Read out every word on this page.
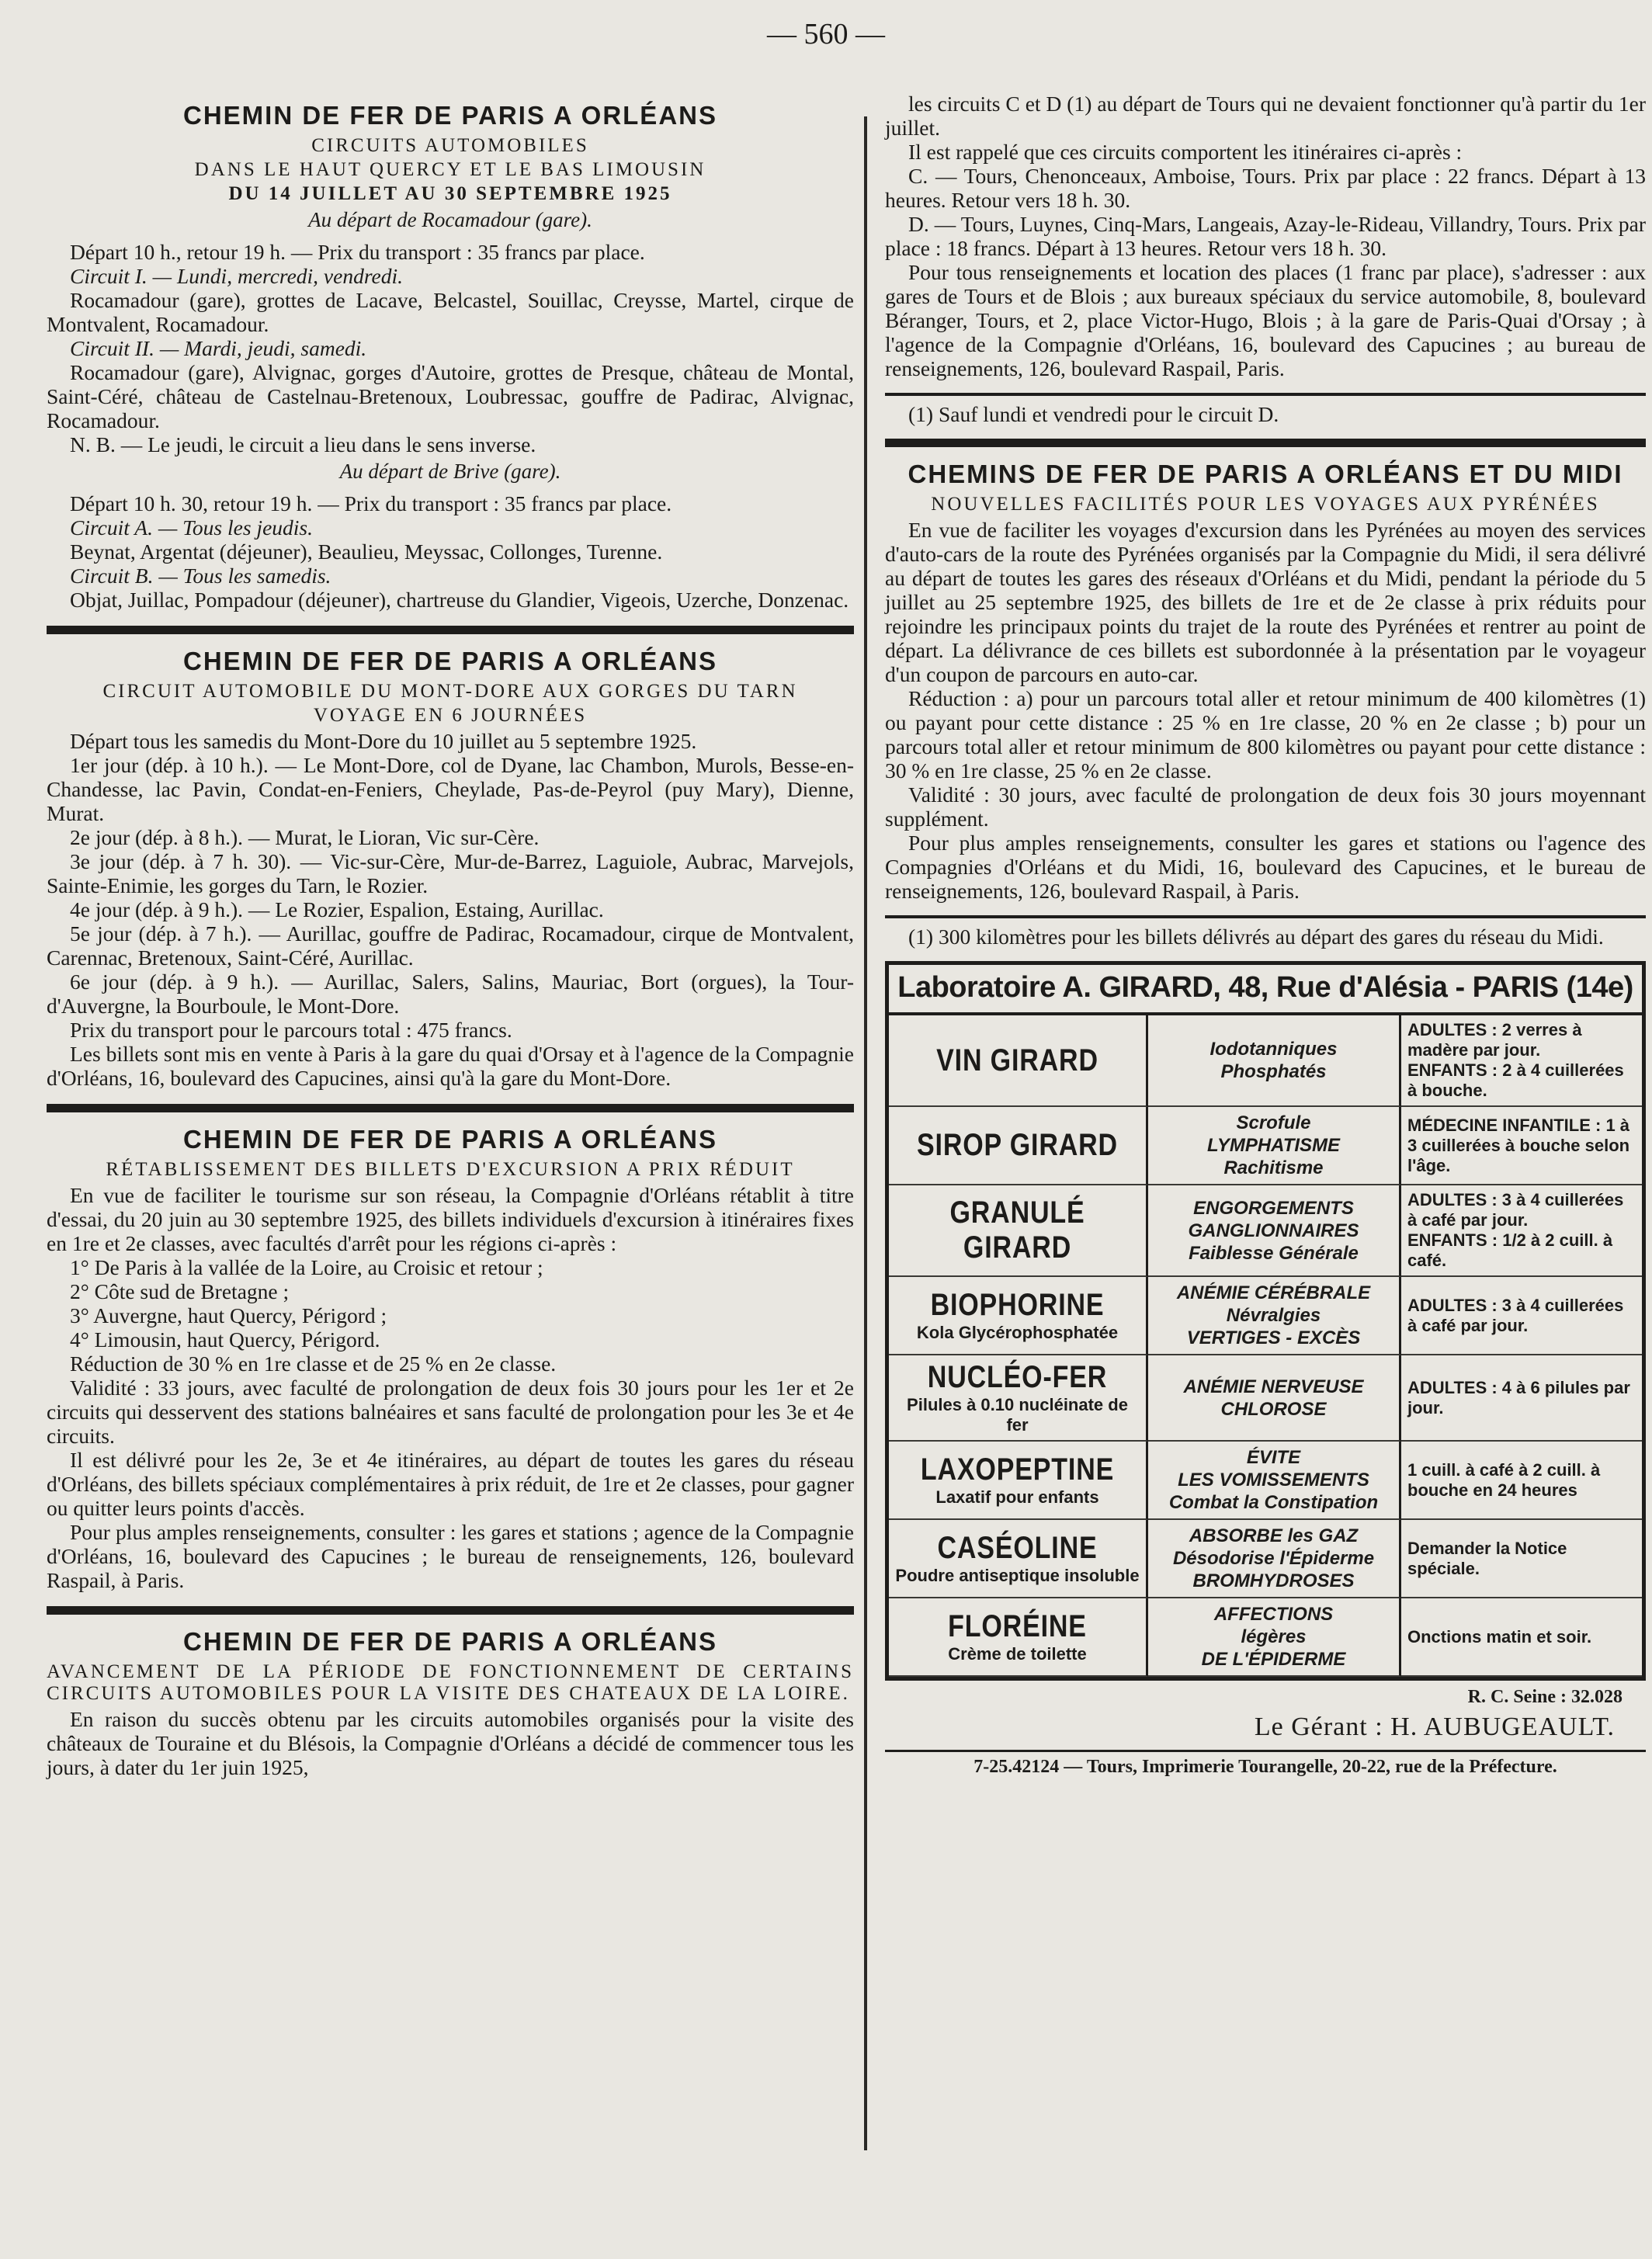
— 560 —
CHEMIN DE FER DE PARIS A ORLÉANS
CIRCUITS AUTOMOBILES
DANS LE HAUT QUERCY ET LE BAS LIMOUSIN
DU 14 JUILLET AU 30 SEPTEMBRE 1925
Au départ de Rocamadour (gare).

Départ 10 h., retour 19 h. — Prix du transport : 35 francs par place.

Circuit I. — Lundi, mercredi, vendredi.

Rocamadour (gare), grottes de Lacave, Belcastel, Souillac, Creysse, Martel, cirque de Montvalent, Rocamadour.

Circuit II. — Mardi, jeudi, samedi.

Rocamadour (gare), Alvignac, gorges d'Autoire, grottes de Presque, château de Montal, Saint-Céré, château de Castelnau-Bretenoux, Loubressac, gouffre de Padirac, Alvignac, Rocamadour.

N. B. — Le jeudi, le circuit a lieu dans le sens inverse.

Au départ de Brive (gare).

Départ 10 h. 30, retour 19 h. — Prix du transport : 35 francs par place.

Circuit A. — Tous les jeudis.

Beynat, Argentat (déjeuner), Beaulieu, Meyssac, Collonges, Turenne.

Circuit B. — Tous les samedis.

Objat, Juillac, Pompadour (déjeuner), chartreuse du Glandier, Vigeois, Uzerche, Donzenac.

CHEMIN DE FER DE PARIS A ORLÉANS
CIRCUIT AUTOMOBILE DU MONT-DORE AUX GORGES DU TARN
VOYAGE EN 6 JOURNÉES

Départ tous les samedis du Mont-Dore du 10 juillet au 5 septembre 1925.

1er jour (dép. à 10 h.). — Le Mont-Dore, col de Dyane, lac Chambon, Murols, Besse-en-Chandesse, lac Pavin, Condat-en-Feniers, Cheylade, Pas-de-Peyrol (puy Mary), Dienne, Murat.

2e jour (dép. à 8 h.). — Murat, le Lioran, Vic sur-Cère.

3e jour (dép. à 7 h. 30). — Vic-sur-Cère, Mur-de-Barrez, Laguiole, Aubrac, Marvejols, Sainte-Enimie, les gorges du Tarn, le Rozier.

4e jour (dép. à 9 h.). — Le Rozier, Espalion, Estaing, Aurillac.

5e jour (dép. à 7 h.). — Aurillac, gouffre de Padirac, Rocamadour, cirque de Montvalent, Carennac, Bretenoux, Saint-Céré, Aurillac.

6e jour (dép. à 9 h.). — Aurillac, Salers, Salins, Mauriac, Bort (orgues), la Tour-d'Auvergne, la Bourboule, le Mont-Dore.

Prix du transport pour le parcours total : 475 francs.

Les billets sont mis en vente à Paris à la gare du quai d'Orsay et à l'agence de la Compagnie d'Orléans, 16, boulevard des Capucines, ainsi qu'à la gare du Mont-Dore.

CHEMIN DE FER DE PARIS A ORLÉANS
RÉTABLISSEMENT DES BILLETS D'EXCURSION A PRIX RÉDUIT

En vue de faciliter le tourisme sur son réseau, la Compagnie d'Orléans rétablit à titre d'essai, du 20 juin au 30 septembre 1925, des billets individuels d'excursion à itinéraires fixes en 1re et 2e classes, avec facultés d'arrêt pour les régions ci-après :

1° De Paris à la vallée de la Loire, au Croisic et retour ;

2° Côte sud de Bretagne ;

3° Auvergne, haut Quercy, Périgord ;

4° Limousin, haut Quercy, Périgord.

Réduction de 30 % en 1re classe et de 25 % en 2e classe.

Validité : 33 jours, avec faculté de prolongation de deux fois 30 jours pour les 1er et 2e circuits qui desservent des stations balnéaires et sans faculté de prolongation pour les 3e et 4e circuits.

Il est délivré pour les 2e, 3e et 4e itinéraires, au départ de toutes les gares du réseau d'Orléans, des billets spéciaux complémentaires à prix réduit, de 1re et 2e classes, pour gagner ou quitter leurs points d'accès.

Pour plus amples renseignements, consulter : les gares et stations ; agence de la Compagnie d'Orléans, 16, boulevard des Capucines ; le bureau de renseignements, 126, boulevard Raspail, à Paris.

CHEMIN DE FER DE PARIS A ORLÉANS
AVANCEMENT DE LA PÉRIODE DE FONCTIONNEMENT DE CERTAINS CIRCUITS AUTOMOBILES POUR LA VISITE DES CHATEAUX DE LA LOIRE.

En raison du succès obtenu par les circuits automobiles organisés pour la visite des châteaux de Touraine et du Blésois, la Compagnie d'Orléans a décidé de commencer tous les jours, à dater du 1er juin 1925,

les circuits C et D (1) au départ de Tours qui ne devaient fonctionner qu'à partir du 1er juillet.

Il est rappelé que ces circuits comportent les itinéraires ci-après :

C. — Tours, Chenonceaux, Amboise, Tours. Prix par place : 22 francs. Départ à 13 heures. Retour vers 18 h. 30.

D. — Tours, Luynes, Cinq-Mars, Langeais, Azay-le-Rideau, Villandry, Tours. Prix par place : 18 francs. Départ à 13 heures. Retour vers 18 h. 30.

Pour tous renseignements et location des places (1 franc par place), s'adresser : aux gares de Tours et de Blois ; aux bureaux spéciaux du service automobile, 8, boulevard Béranger, Tours, et 2, place Victor-Hugo, Blois ; à la gare de Paris-Quai d'Orsay ; à l'agence de la Compagnie d'Orléans, 16, boulevard des Capucines ; au bureau de renseignements, 126, boulevard Raspail, Paris.

(1) Sauf lundi et vendredi pour le circuit D.

CHEMINS DE FER DE PARIS A ORLÉANS ET DU MIDI
NOUVELLES FACILITÉS POUR LES VOYAGES AUX PYRÉNÉES

En vue de faciliter les voyages d'excursion dans les Pyrénées au moyen des services d'auto-cars de la route des Pyrénées organisés par la Compagnie du Midi, il sera délivré au départ de toutes les gares des réseaux d'Orléans et du Midi, pendant la période du 5 juillet au 25 septembre 1925, des billets de 1re et de 2e classe à prix réduits pour rejoindre les principaux points du trajet de la route des Pyrénées et rentrer au point de départ. La délivrance de ces billets est subordonnée à la présentation par le voyageur d'un coupon de parcours en auto-car.

Réduction : a) pour un parcours total aller et retour minimum de 400 kilomètres (1) ou payant pour cette distance : 25 % en 1re classe, 20 % en 2e classe ; b) pour un parcours total aller et retour minimum de 800 kilomètres ou payant pour cette distance : 30 % en 1re classe, 25 % en 2e classe.

Validité : 30 jours, avec faculté de prolongation de deux fois 30 jours moyennant supplément.

Pour plus amples renseignements, consulter les gares et stations ou l'agence des Compagnies d'Orléans et du Midi, 16, boulevard des Capucines, et le bureau de renseignements, 126, boulevard Raspail, à Paris.

(1) 300 kilomètres pour les billets délivrés au départ des gares du réseau du Midi.

Laboratoire A. GIRARD, 48, Rue d'Alésia - PARIS (14e)
VIN GIRARD	Iodotanniques
Phosphatés
ADULTES : 2 verres à madère par jour.
ENFANTS : 2 à 4 cuillerées à bouche.
SIROP GIRARD
Scrofule
LYMPHATISME
Rachitisme
MÉDECINE INFANTILE : 1 à 3 cuillerées à bouche selon l'âge.
GRANULÉ GIRARD
ENGORGEMENTS
GANGLIONNAIRES
Faiblesse Générale
ADULTES : 3 à 4 cuillerées à café par jour.
ENFANTS : 1/2 à 2 cuill. à café.
BIOPHORINE
Kola Glycérophosphatée
ANÉMIE CÉRÉBRALE
Névralgies
VERTIGES - EXCÈS
ADULTES : 3 à 4 cuillerées à café par jour.
NUCLÉO-FER
Pilules à 0.10 nucléinate de fer
ANÉMIE NERVEUSE
CHLOROSE
ADULTES : 4 à 6 pilules par jour.
LAXOPEPTINE
Laxatif pour enfants
ÉVITE
LES VOMISSEMENTS
Combat la Constipation
1 cuill. à café à 2 cuill. à bouche en 24 heures
CASÉOLINE
Poudre antiseptique insoluble
ABSORBE les GAZ
Désodorise l'Épiderme
BROMHYDROSES
Demander la Notice spéciale.
FLORÉINE
Crème de toilette
AFFECTIONS
légères
DE L'ÉPIDERME
Onctions matin et soir.
R. C. Seine : 32.028
Le Gérant : H. AUBUGEAULT.
7-25.42124 — Tours, Imprimerie Tourangelle, 20-22, rue de la Préfecture.
